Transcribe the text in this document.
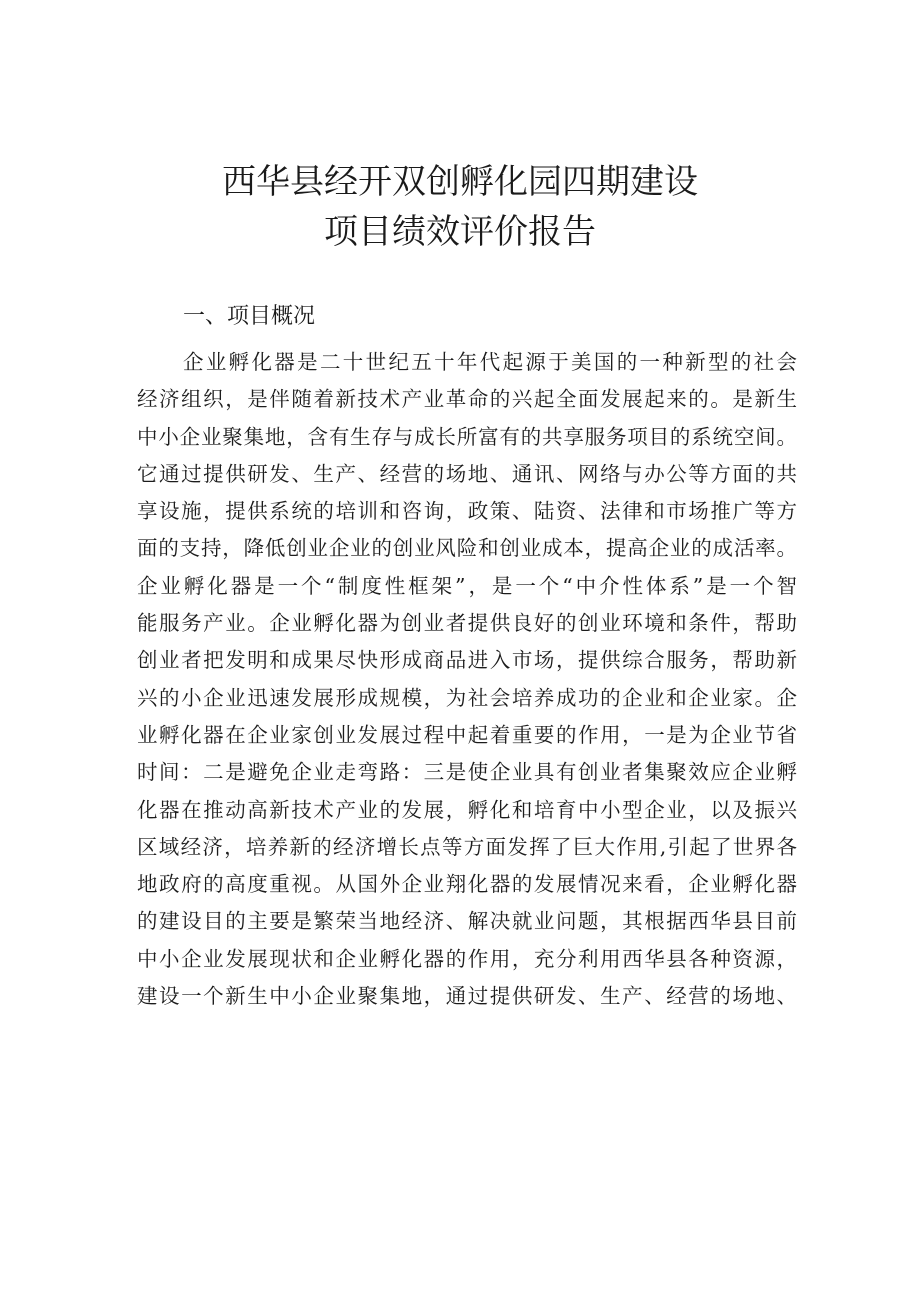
西华县经开双创孵化园四期建设
项目绩效评价报告
一、项目概况
企业孵化器是二十世纪五十年代起源于美国的一种新型的社会
经济组织，是伴随着新技术产业革命的兴起全面发展起来的。是新生
中小企业聚集地，含有生存与成长所富有的共享服务项目的系统空间。
它通过提供研发、生产、经营的场地、通讯、网络与办公等方面的共
享设施，提供系统的培训和咨询，政策、陆资、法律和市场推广等方
面的支持，降低创业企业的创业风险和创业成本，提高企业的成活率。
企业孵化器是一个“制度性框架”，是一个“中介性体系”是一个智
能服务产业。企业孵化器为创业者提供良好的创业环境和条件，帮助
创业者把发明和成果尽快形成商品进入市场，提供综合服务，帮助新
兴的小企业迅速发展形成规模，为社会培养成功的企业和企业家。企
业孵化器在企业家创业发展过程中起着重要的作用，一是为企业节省
时间：二是避免企业走弯路：三是使企业具有创业者集聚效应企业孵
化器在推动高新技术产业的发展，孵化和培育中小型企业，以及振兴
区域经济，培养新的经济增长点等方面发挥了巨大作用,引起了世界各
地政府的高度重视。从国外企业翔化器的发展情况来看，企业孵化器
的建设目的主要是繁荣当地经济、解决就业问题，其根据西华县目前
中小企业发展现状和企业孵化器的作用，充分利用西华县各种资源，
建设一个新生中小企业聚集地，通过提供研发、生产、经营的场地、
